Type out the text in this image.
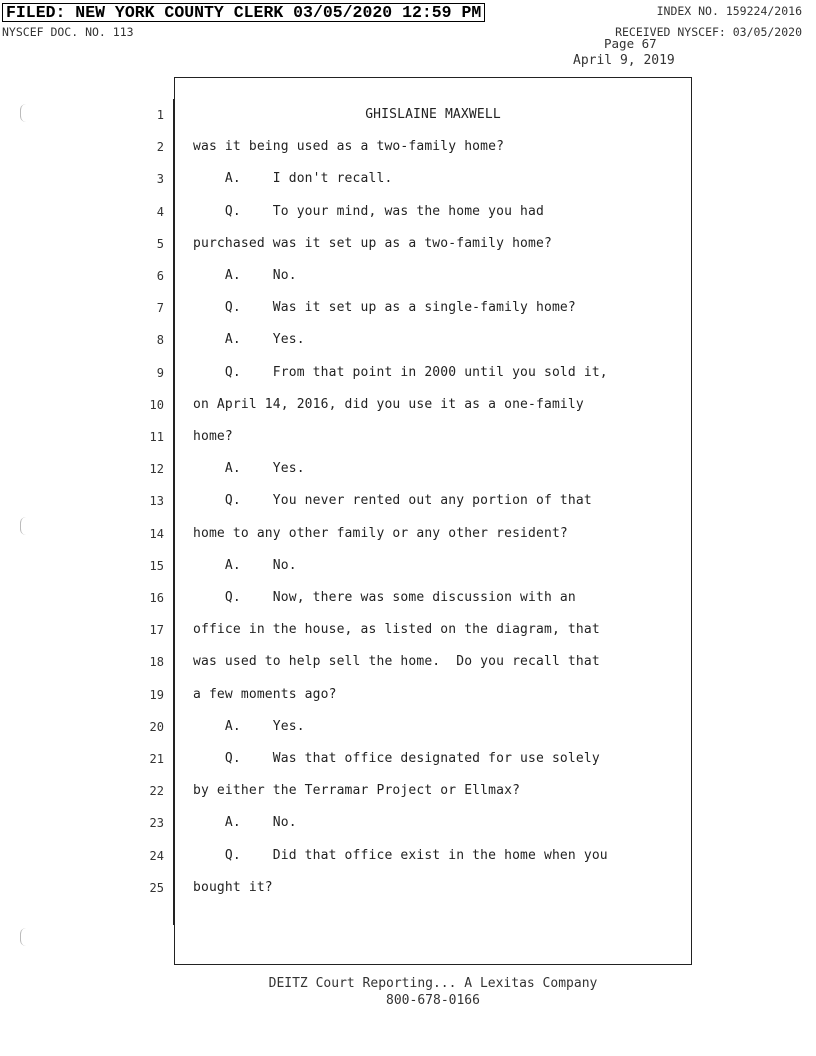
FILED: NEW YORK COUNTY CLERK 03/05/2020 12:59 PM	INDEX NO. 159224/2016
NYSCEF DOC. NO. 113	RECEIVED NYSCEF: 03/05/2020
Page 67
April 9, 2019
1	GHISLAINE MAXWELL
2 was it being used as a two-family home?
3 A.    I don't recall.
4 Q.    To your mind, was the home you had
5 purchased was it set up as a two-family home?
6 A.    No.
7 Q.    Was it set up as a single-family home?
8 A.    Yes.
9 Q.    From that point in 2000 until you sold it,
10 on April 14, 2016, did you use it as a one-family
11 home?
12 A.    Yes.
13 Q.    You never rented out any portion of that
14 home to any other family or any other resident?
15 A.    No.
16 Q.    Now, there was some discussion with an
17 office in the house, as listed on the diagram, that
18 was used to help sell the home.  Do you recall that
19 a few moments ago?
20 A.    Yes.
21 Q.    Was that office designated for use solely
22 by either the Terramar Project or Ellmax?
23 A.    No.
24 Q.    Did that office exist in the home when you
25 bought it?
DEITZ Court Reporting... A Lexitas Company
800-678-0166
